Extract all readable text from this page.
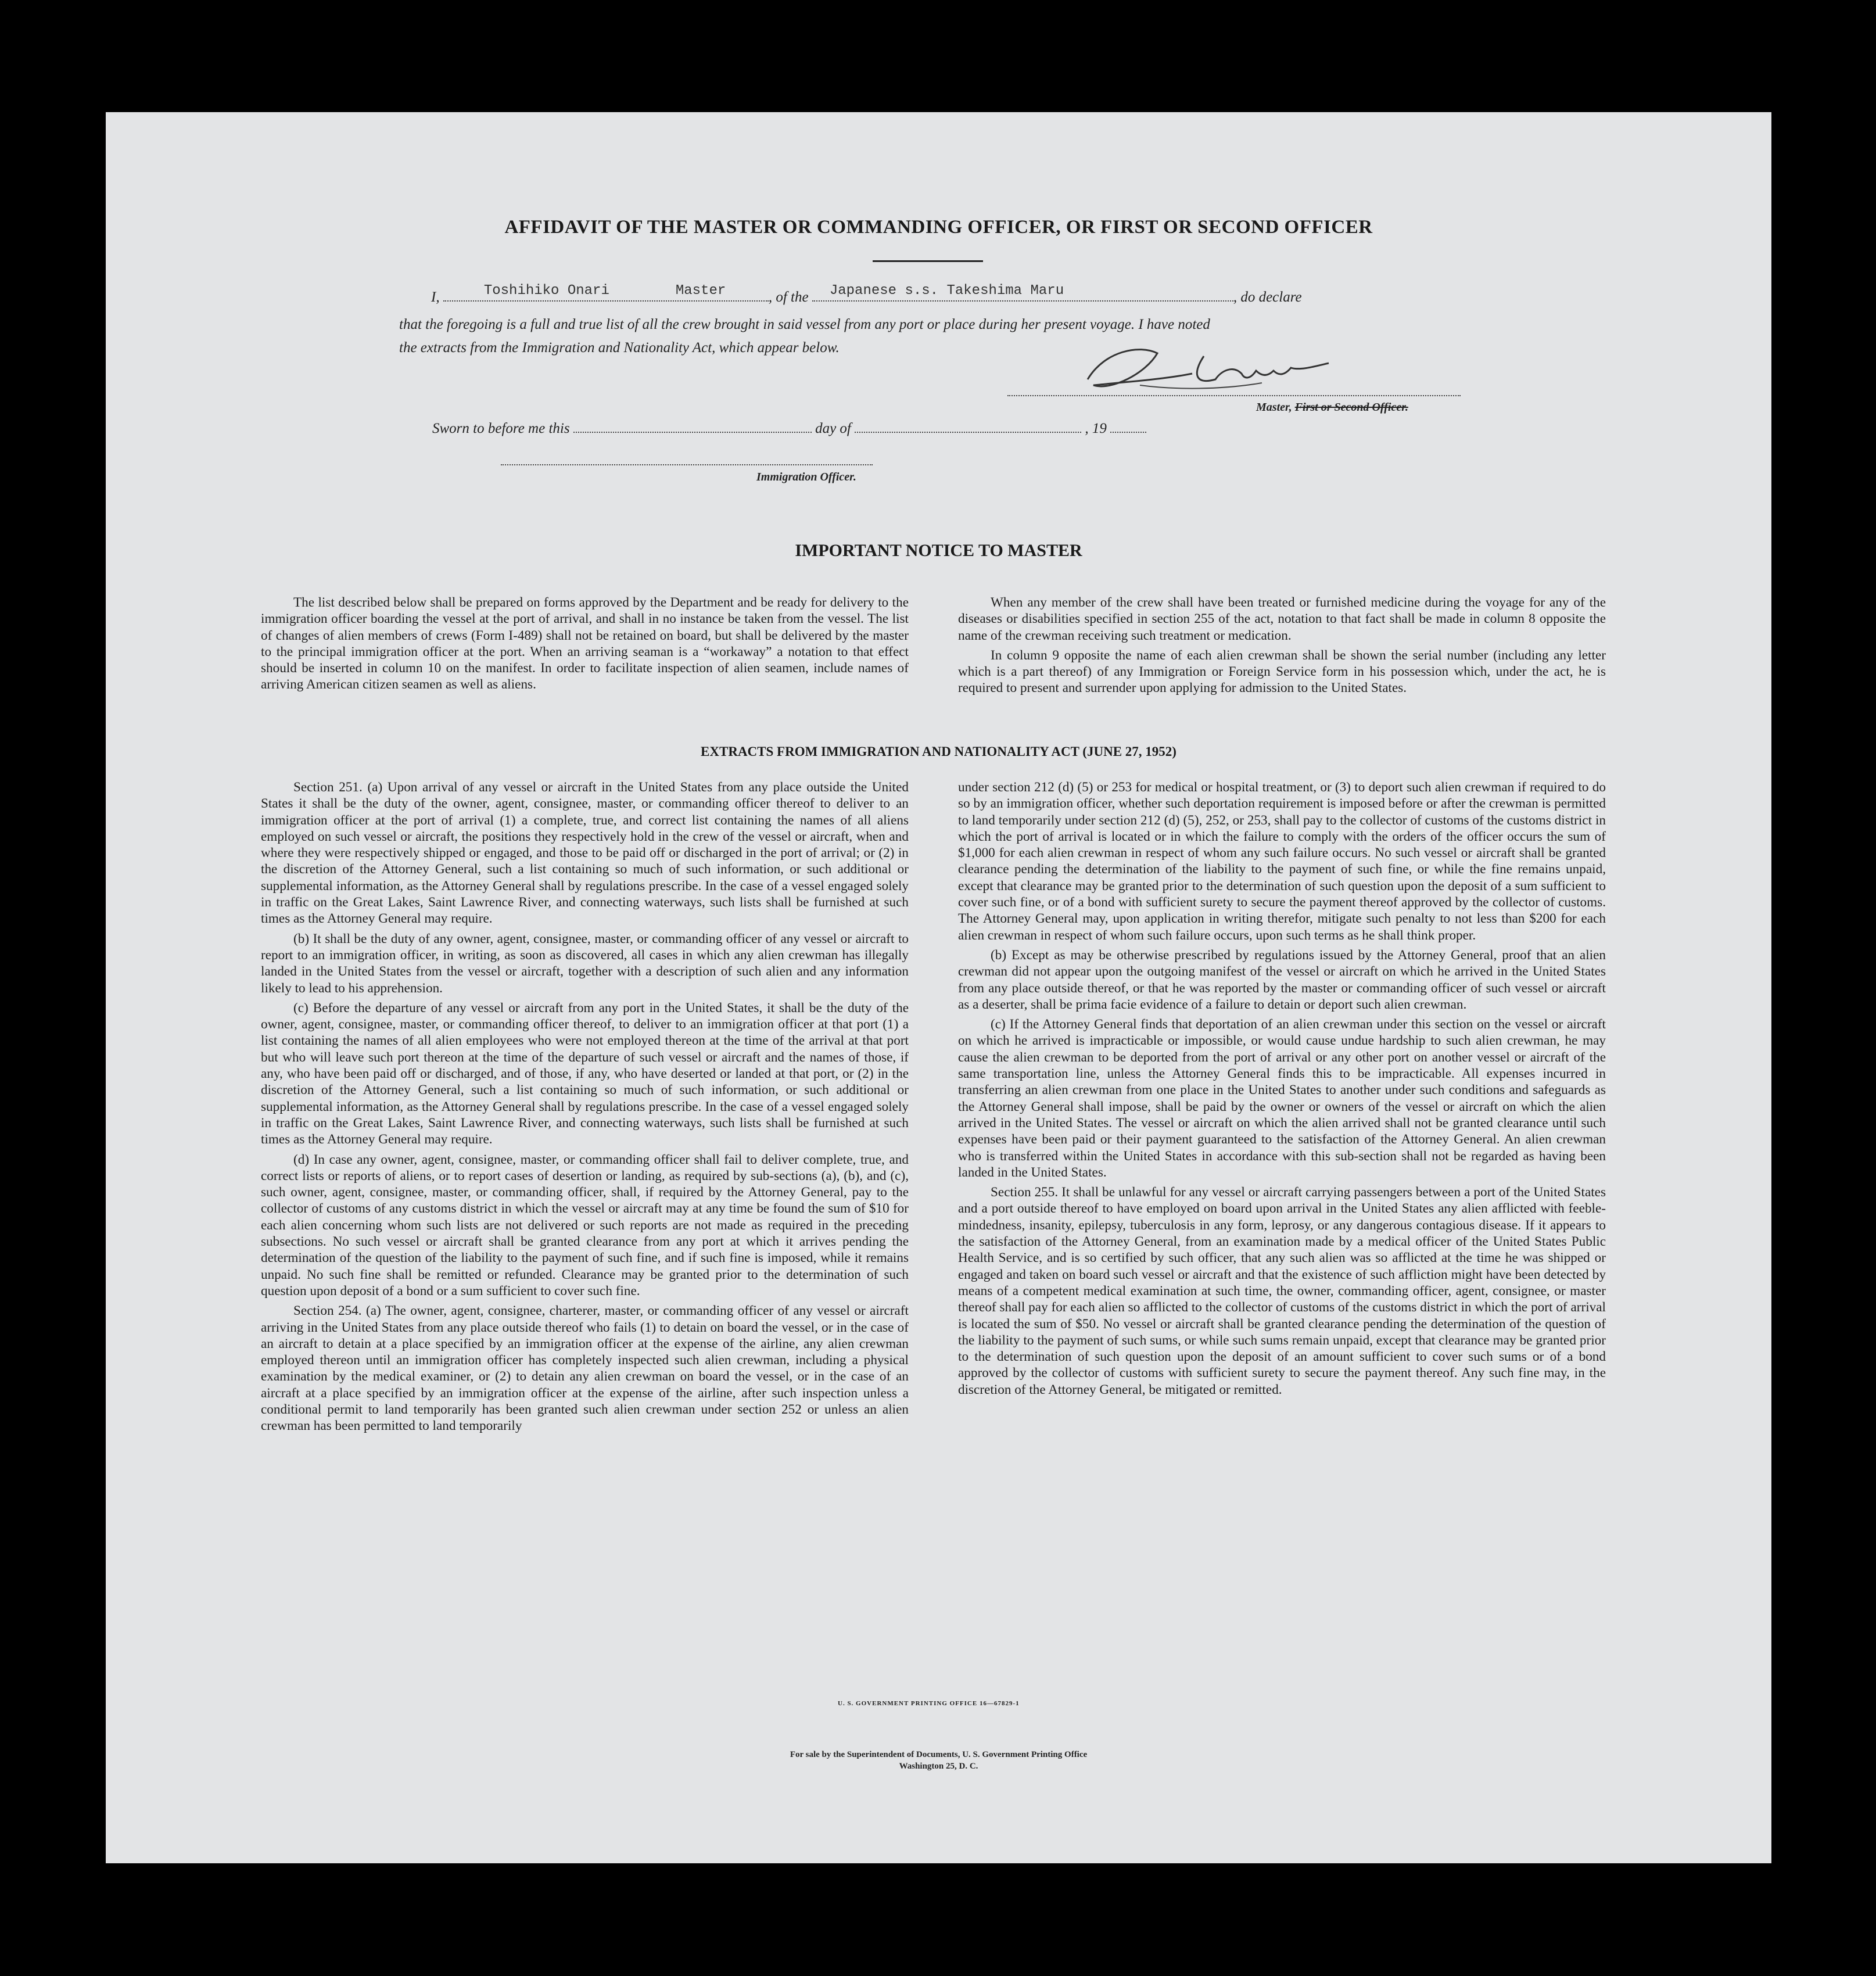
AFFIDAVIT OF THE MASTER OR COMMANDING OFFICER, OR FIRST OR SECOND OFFICER
I,	Toshihiko Onari	Master	, of the Japanese s.s. Takeshima Maru	, do declare
that the foregoing is a full and true list of all the crew brought in said vessel from any port or place during her present voyage. I have noted
the extracts from the Immigration and Nationality Act, which appear below.
Master, First or Second Officer.
Sworn to before me this	day of	, 19
Immigration Officer.
IMPORTANT NOTICE TO MASTER

The list described below shall be prepared on forms approved by the Department and be ready for delivery to the immigration officer boarding the vessel at the port of arrival, and shall in no instance be taken from the vessel. The list of changes of alien members of crews (Form I-489) shall not be retained on board, but shall be delivered by the master to the principal immigration officer at the port. When an arriving seaman is a “workaway” a notation to that effect should be inserted in column 10 on the manifest. In order to facilitate inspection of alien seamen, include names of arriving American citizen seamen as well as aliens.

When any member of the crew shall have been treated or furnished medicine during the voyage for any of the diseases or disabilities specified in section 255 of the act, notation to that fact shall be made in column 8 opposite the name of the crewman receiving such treatment or medication.

In column 9 opposite the name of each alien crewman shall be shown the serial number (including any letter which is a part thereof) of any Immigration or Foreign Service form in his possession which, under the act, he is required to present and surrender upon applying for admission to the United States.

EXTRACTS FROM IMMIGRATION AND NATIONALITY ACT (JUNE 27, 1952)

Section 251. (a) Upon arrival of any vessel or aircraft in the United States from any place outside the United States it shall be the duty of the owner, agent, consignee, master, or commanding officer thereof to deliver to an immigration officer at the port of arrival (1) a complete, true, and correct list containing the names of all aliens employed on such vessel or aircraft, the positions they respectively hold in the crew of the vessel or aircraft, when and where they were respectively shipped or engaged, and those to be paid off or discharged in the port of arrival; or (2) in the discretion of the Attorney General, such a list containing so much of such information, or such additional or supplemental information, as the Attorney General shall by regulations prescribe. In the case of a vessel engaged solely in traffic on the Great Lakes, Saint Lawrence River, and connecting waterways, such lists shall be furnished at such times as the Attorney General may require.

(b) It shall be the duty of any owner, agent, consignee, master, or commanding officer of any vessel or aircraft to report to an immigration officer, in writing, as soon as discovered, all cases in which any alien crewman has illegally landed in the United States from the vessel or aircraft, together with a description of such alien and any information likely to lead to his apprehension.

(c) Before the departure of any vessel or aircraft from any port in the United States, it shall be the duty of the owner, agent, consignee, master, or commanding officer thereof, to deliver to an immigration officer at that port (1) a list containing the names of all alien employees who were not employed thereon at the time of the arrival at that port but who will leave such port thereon at the time of the departure of such vessel or aircraft and the names of those, if any, who have been paid off or discharged, and of those, if any, who have deserted or landed at that port, or (2) in the discretion of the Attorney General, such a list containing so much of such information, or such additional or supplemental information, as the Attorney General shall by regulations prescribe. In the case of a vessel engaged solely in traffic on the Great Lakes, Saint Lawrence River, and connecting waterways, such lists shall be furnished at such times as the Attorney General may require.

(d) In case any owner, agent, consignee, master, or commanding officer shall fail to deliver complete, true, and correct lists or reports of aliens, or to report cases of desertion or landing, as required by sub-sections (a), (b), and (c), such owner, agent, consignee, master, or commanding officer, shall, if required by the Attorney General, pay to the collector of customs of any customs district in which the vessel or aircraft may at any time be found the sum of $10 for each alien concerning whom such lists are not delivered or such reports are not made as required in the preceding subsections. No such vessel or aircraft shall be granted clearance from any port at which it arrives pending the determination of the question of the liability to the payment of such fine, and if such fine is imposed, while it remains unpaid. No such fine shall be remitted or refunded. Clearance may be granted prior to the determination of such question upon deposit of a bond or a sum sufficient to cover such fine.

Section 254. (a) The owner, agent, consignee, charterer, master, or commanding officer of any vessel or aircraft arriving in the United States from any place outside thereof who fails (1) to detain on board the vessel, or in the case of an aircraft to detain at a place specified by an immigration officer at the expense of the airline, any alien crewman employed thereon until an immigration officer has completely inspected such alien crewman, including a physical examination by the medical examiner, or (2) to detain any alien crewman on board the vessel, or in the case of an aircraft at a place specified by an immigration officer at the expense of the airline, after such inspection unless a conditional permit to land temporarily has been granted such alien crewman under section 252 or unless an alien crewman has been permitted to land temporarily

under section 212 (d) (5) or 253 for medical or hospital treatment, or (3) to deport such alien crewman if required to do so by an immigration officer, whether such deportation requirement is imposed before or after the crewman is permitted to land temporarily under section 212 (d) (5), 252, or 253, shall pay to the collector of customs of the customs district in which the port of arrival is located or in which the failure to comply with the orders of the officer occurs the sum of $1,000 for each alien crewman in respect of whom any such failure occurs. No such vessel or aircraft shall be granted clearance pending the determination of the liability to the payment of such fine, or while the fine remains unpaid, except that clearance may be granted prior to the determination of such question upon the deposit of a sum sufficient to cover such fine, or of a bond with sufficient surety to secure the payment thereof approved by the collector of customs. The Attorney General may, upon application in writing therefor, mitigate such penalty to not less than $200 for each alien crewman in respect of whom such failure occurs, upon such terms as he shall think proper.

(b) Except as may be otherwise prescribed by regulations issued by the Attorney General, proof that an alien crewman did not appear upon the outgoing manifest of the vessel or aircraft on which he arrived in the United States from any place outside thereof, or that he was reported by the master or commanding officer of such vessel or aircraft as a deserter, shall be prima facie evidence of a failure to detain or deport such alien crewman.

(c) If the Attorney General finds that deportation of an alien crewman under this section on the vessel or aircraft on which he arrived is impracticable or impossible, or would cause undue hardship to such alien crewman, he may cause the alien crewman to be deported from the port of arrival or any other port on another vessel or aircraft of the same transportation line, unless the Attorney General finds this to be impracticable. All expenses incurred in transferring an alien crewman from one place in the United States to another under such conditions and safeguards as the Attorney General shall impose, shall be paid by the owner or owners of the vessel or aircraft on which the alien arrived in the United States. The vessel or aircraft on which the alien arrived shall not be granted clearance until such expenses have been paid or their payment guaranteed to the satisfaction of the Attorney General. An alien crewman who is transferred within the United States in accordance with this sub-section shall not be regarded as having been landed in the United States.

Section 255. It shall be unlawful for any vessel or aircraft carrying passengers between a port of the United States and a port outside thereof to have employed on board upon arrival in the United States any alien afflicted with feeble-mindedness, insanity, epilepsy, tuberculosis in any form, leprosy, or any dangerous contagious disease. If it appears to the satisfaction of the Attorney General, from an examination made by a medical officer of the United States Public Health Service, and is so certified by such officer, that any such alien was so afflicted at the time he was shipped or engaged and taken on board such vessel or aircraft and that the existence of such affliction might have been detected by means of a competent medical examination at such time, the owner, commanding officer, agent, consignee, or master thereof shall pay for each alien so afflicted to the collector of customs of the customs district in which the port of arrival is located the sum of $50. No vessel or aircraft shall be granted clearance pending the determination of the question of the liability to the payment of such sums, or while such sums remain unpaid, except that clearance may be granted prior to the determination of such question upon the deposit of an amount sufficient to cover such sums or of a bond approved by the collector of customs with sufficient surety to secure the payment thereof. Any such fine may, in the discretion of the Attorney General, be mitigated or remitted.

U. S. GOVERNMENT PRINTING OFFICE 16—67829-1
For sale by the Superintendent of Documents, U. S. Government Printing Office
Washington 25, D. C.
